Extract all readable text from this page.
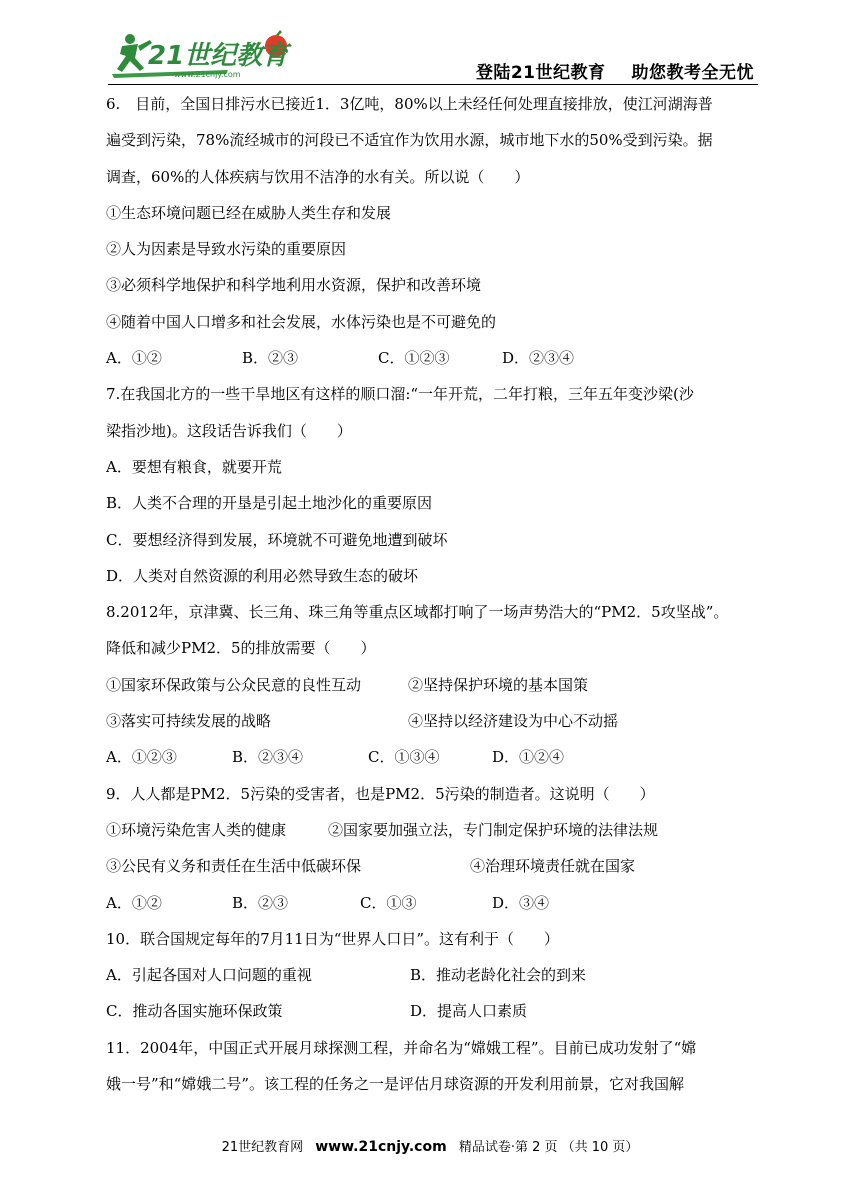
21世纪教育
www.21cnjy.com	登陆21世纪教育 助您教考全无忧
6.　目前，全国日排污水已接近1．3亿吨，80%以上未经任何处理直接排放，使江河湖海普
遍受到污染，78%流经城市的河段已不适宜作为饮用水源，城市地下水的50%受到污染。据
调查，60%的人体疾病与饮用不洁净的水有关。所以说（　　）
①生态环境问题已经在威胁人类生存和发展
②人为因素是导致水污染的重要原因
③必须科学地保护和科学地利用水资源，保护和改善环境
④随着中国人口增多和社会发展，水体污染也是不可避免的
A．①②	B．②③	C．①②③	D．②③④
7.在我国北方的一些干旱地区有这样的顺口溜:“一年开荒，二年打粮，三年五年变沙梁(沙
梁指沙地)。这段话告诉我们（　　）
A．要想有粮食，就要开荒
B．人类不合理的开垦是引起土地沙化的重要原因
C．要想经济得到发展，环境就不可避免地遭到破坏
D．人类对自然资源的利用必然导致生态的破坏
8.2012年，京津冀、长三角、珠三角等重点区域都打响了一场声势浩大的“PM2．5攻坚战”。
降低和减少PM2．5的排放需要（　　）
①国家环保政策与公众民意的良性互动	②坚持保护环境的基本国策
③落实可持续发展的战略	④坚持以经济建设为中心不动摇
A．①②③	B．②③④	C．①③④	D．①②④
9．人人都是PM2．5污染的受害者，也是PM2．5污染的制造者。这说明（　　）
①环境污染危害人类的健康	②国家要加强立法，专门制定保护环境的法律法规
③公民有义务和责任在生活中低碳环保	④治理环境责任就在国家
A．①②	B．②③	C．①③	D．③④
10．联合国规定每年的7月11日为“世界人口日”。这有利于（　　）
A．引起各国对人口问题的重视	B．推动老龄化社会的到来
C．推动各国实施环保政策	D．提高人口素质
11．2004年，中国正式开展月球探测工程，并命名为“嫦娥工程”。目前已成功发射了“嫦
娥一号”和“嫦娥二号”。该工程的任务之一是评估月球资源的开发利用前景，它对我国解
21世纪教育网 www.21cnjy.com 精品试卷·第 2 页 （共 10 页）
